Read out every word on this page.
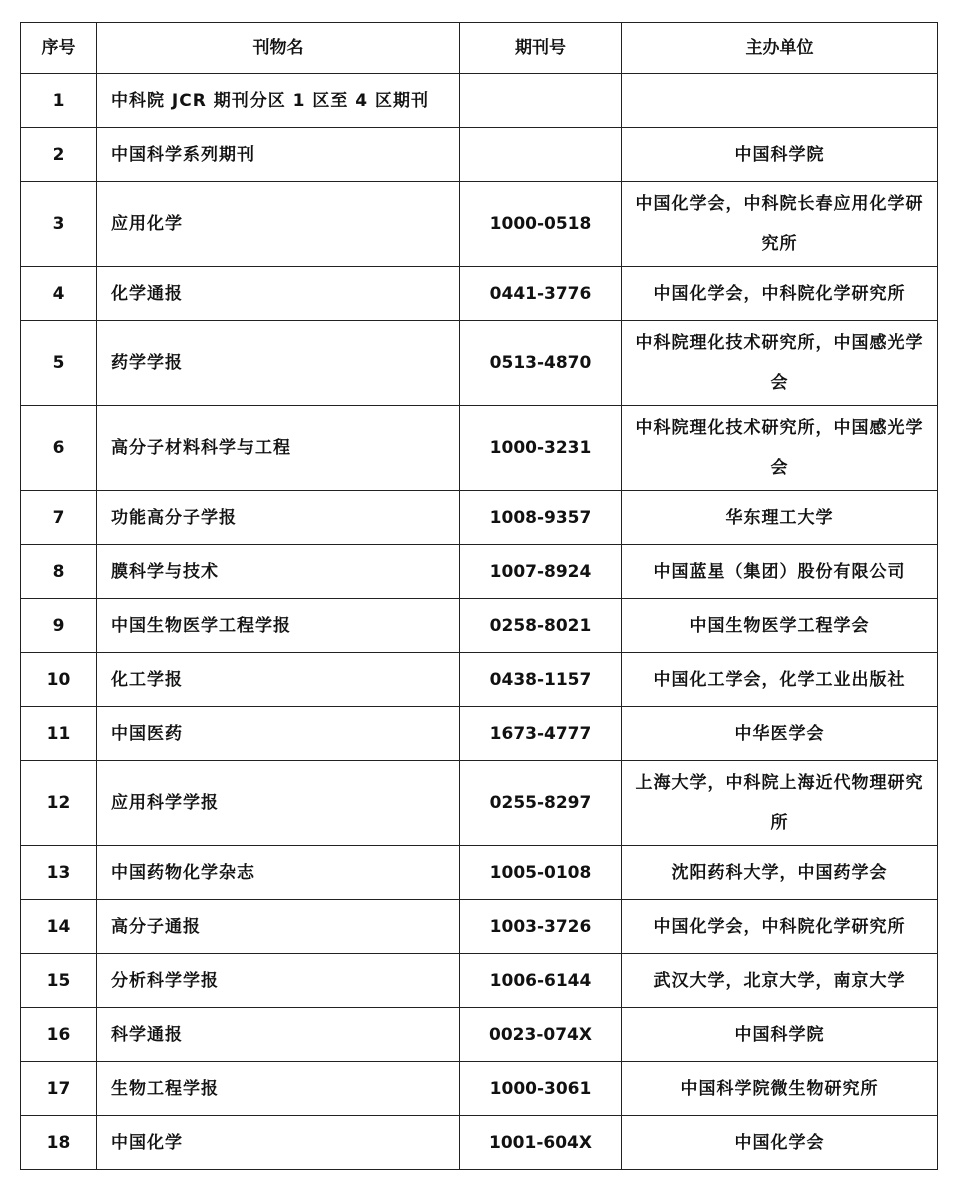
序号	刊物名	期刊号	主办单位
1	中科院 JCR 期刊分区 1 区至 4 区期刊		
2	中国科学系列期刊		中国科学院
3	应用化学	1000-0518	中国化学会，中科院长春应用化学研究所
4	化学通报	0441-3776	中国化学会，中科院化学研究所
5	药学学报	0513-4870	中科院理化技术研究所，中国感光学会
6	高分子材料科学与工程	1000-3231	中科院理化技术研究所，中国感光学会
7	功能高分子学报	1008-9357	华东理工大学
8	膜科学与技术	1007-8924	中国蓝星（集团）股份有限公司
9	中国生物医学工程学报	0258-8021	中国生物医学工程学会
10	化工学报	0438-1157	中国化工学会，化学工业出版社
11	中国医药	1673-4777	中华医学会
12	应用科学学报	0255-8297	上海大学，中科院上海近代物理研究所
13	中国药物化学杂志	1005-0108	沈阳药科大学，中国药学会
14	高分子通报	1003-3726	中国化学会，中科院化学研究所
15	分析科学学报	1006-6144	武汉大学，北京大学，南京大学
16	科学通报	0023-074X	中国科学院
17	生物工程学报	1000-3061	中国科学院微生物研究所
18	中国化学	1001-604X	中国化学会
